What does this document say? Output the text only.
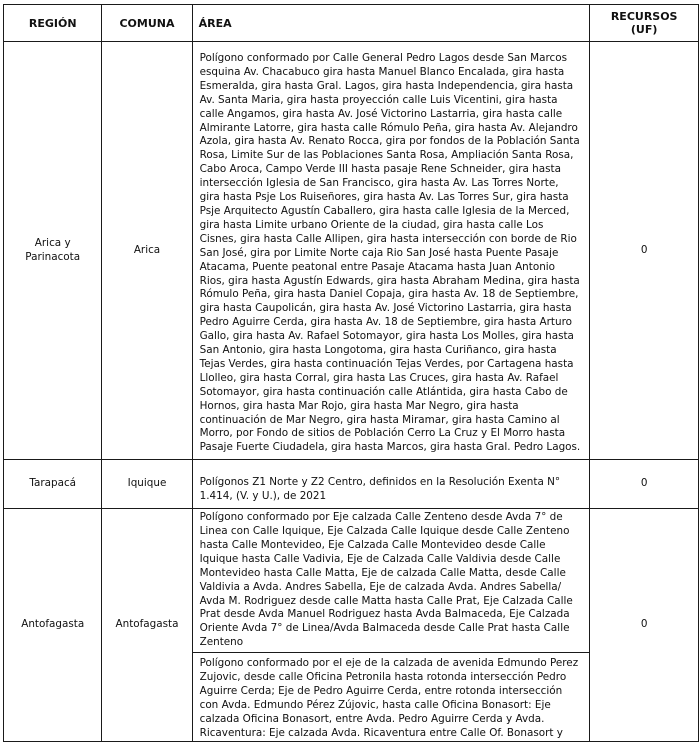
REGIÓN	COMUNA	ÁREA	RECURSOS (UF)
Arica y Parinacota	Arica	Polígono conformado por Calle General Pedro Lagos desde San Marcos esquina Av. Chacabuco gira hasta Manuel Blanco Encalada, gira hasta Esmeralda, gira hasta Gral. Lagos, gira hasta Independencia, gira hasta Av. Santa Maria, gira hasta proyección calle Luis Vicentini, gira hasta calle Angamos, gira hasta Av. José Victorino Lastarria, gira hasta calle Almirante Latorre, gira hasta calle Rómulo Peña, gira hasta Av. Alejandro Azola, gira hasta Av. Renato Rocca, gira por fondos de la Población Santa Rosa, Limite Sur de las Poblaciones Santa Rosa, Ampliación Santa Rosa, Cabo Aroca, Campo Verde III hasta pasaje Rene Schneider, gira hasta intersección Iglesia de San Francisco, gira hasta Av. Las Torres Norte, gira hasta Psje Los Ruiseñores, gira hasta Av. Las Torres Sur, gira hasta Psje Arquitecto Agustín Caballero, gira hasta calle Iglesia de la Merced, gira hasta Limite urbano Oriente de la ciudad, gira hasta calle Los Cisnes, gira hasta Calle Allipen, gira hasta intersección con borde de Rio San José, gira por Limite Norte caja Rio San José hasta Puente Pasaje Atacama, Puente peatonal entre Pasaje Atacama hasta Juan Antonio Rios, gira hasta Agustín Edwards, gira hasta Abraham Medina, gira hasta Rómulo Peña, gira hasta Daniel Copaja, gira hasta Av. 18 de Septiembre, gira hasta Caupolicán, gira hasta Av. José Victorino Lastarria, gira hasta Pedro Aguirre Cerda, gira hasta Av. 18 de Septiembre, gira hasta Arturo Gallo, gira hasta Av. Rafael Sotomayor, gira hasta Los Molles, gira hasta San Antonio, gira hasta Longotoma, gira hasta Curiñanco, gira hasta Tejas Verdes, gira hasta continuación Tejas Verdes, por Cartagena hasta Llolleo, gira hasta Corral, gira hasta Las Cruces, gira hasta Av. Rafael Sotomayor, gira hasta continuación calle Atlántida, gira hasta Cabo de Hornos, gira hasta Mar Rojo, gira hasta Mar Negro, gira hasta continuación de Mar Negro, gira hasta Miramar, gira hasta Camino al Morro, por Fondo de sitios de Población Cerro La Cruz y El Morro hasta Pasaje Fuerte Ciudadela, gira hasta Marcos, gira hasta Gral. Pedro Lagos.	0
Tarapacá	Iquique	Polígonos Z1 Norte y Z2 Centro, definidos en la Resolución Exenta N° 1.414, (V. y U.), de 2021	0
Antofagasta	Antofagasta	Polígono conformado por Eje calzada Calle Zenteno desde Avda 7° de Linea con Calle Iquique, Eje Calzada Calle Iquique desde Calle Zenteno hasta Calle Montevideo, Eje Calzada Calle Montevideo desde Calle Iquique hasta Calle Vadivia, Eje de Calzada Calle Valdivia desde Calle Montevideo hasta Calle Matta, Eje de calzada Calle Matta, desde Calle Valdivia a Avda. Andres Sabella, Eje de calzada Avda. Andres Sabella/ Avda M. Rodriguez desde calle Matta hasta Calle Prat, Eje Calzada Calle Prat desde Avda Manuel Rodriguez hasta Avda Balmaceda, Eje Calzada Oriente Avda 7° de Linea/Avda Balmaceda desde Calle Prat hasta Calle Zenteno	0
		Polígono conformado por el eje de la calzada de avenida Edmundo Perez Zujovic, desde calle Oficina Petronila hasta rotonda intersección Pedro Aguirre Cerda; Eje de Pedro Aguirre Cerda, entre rotonda intersección con Avda. Edmundo Pérez Zújovic, hasta calle Oficina Bonasort: Eje calzada Oficina Bonasort, entre Avda. Pedro Aguirre Cerda y Avda. Ricaventura: Eje calzada Avda. Ricaventura entre Calle Of. Bonasort y	
